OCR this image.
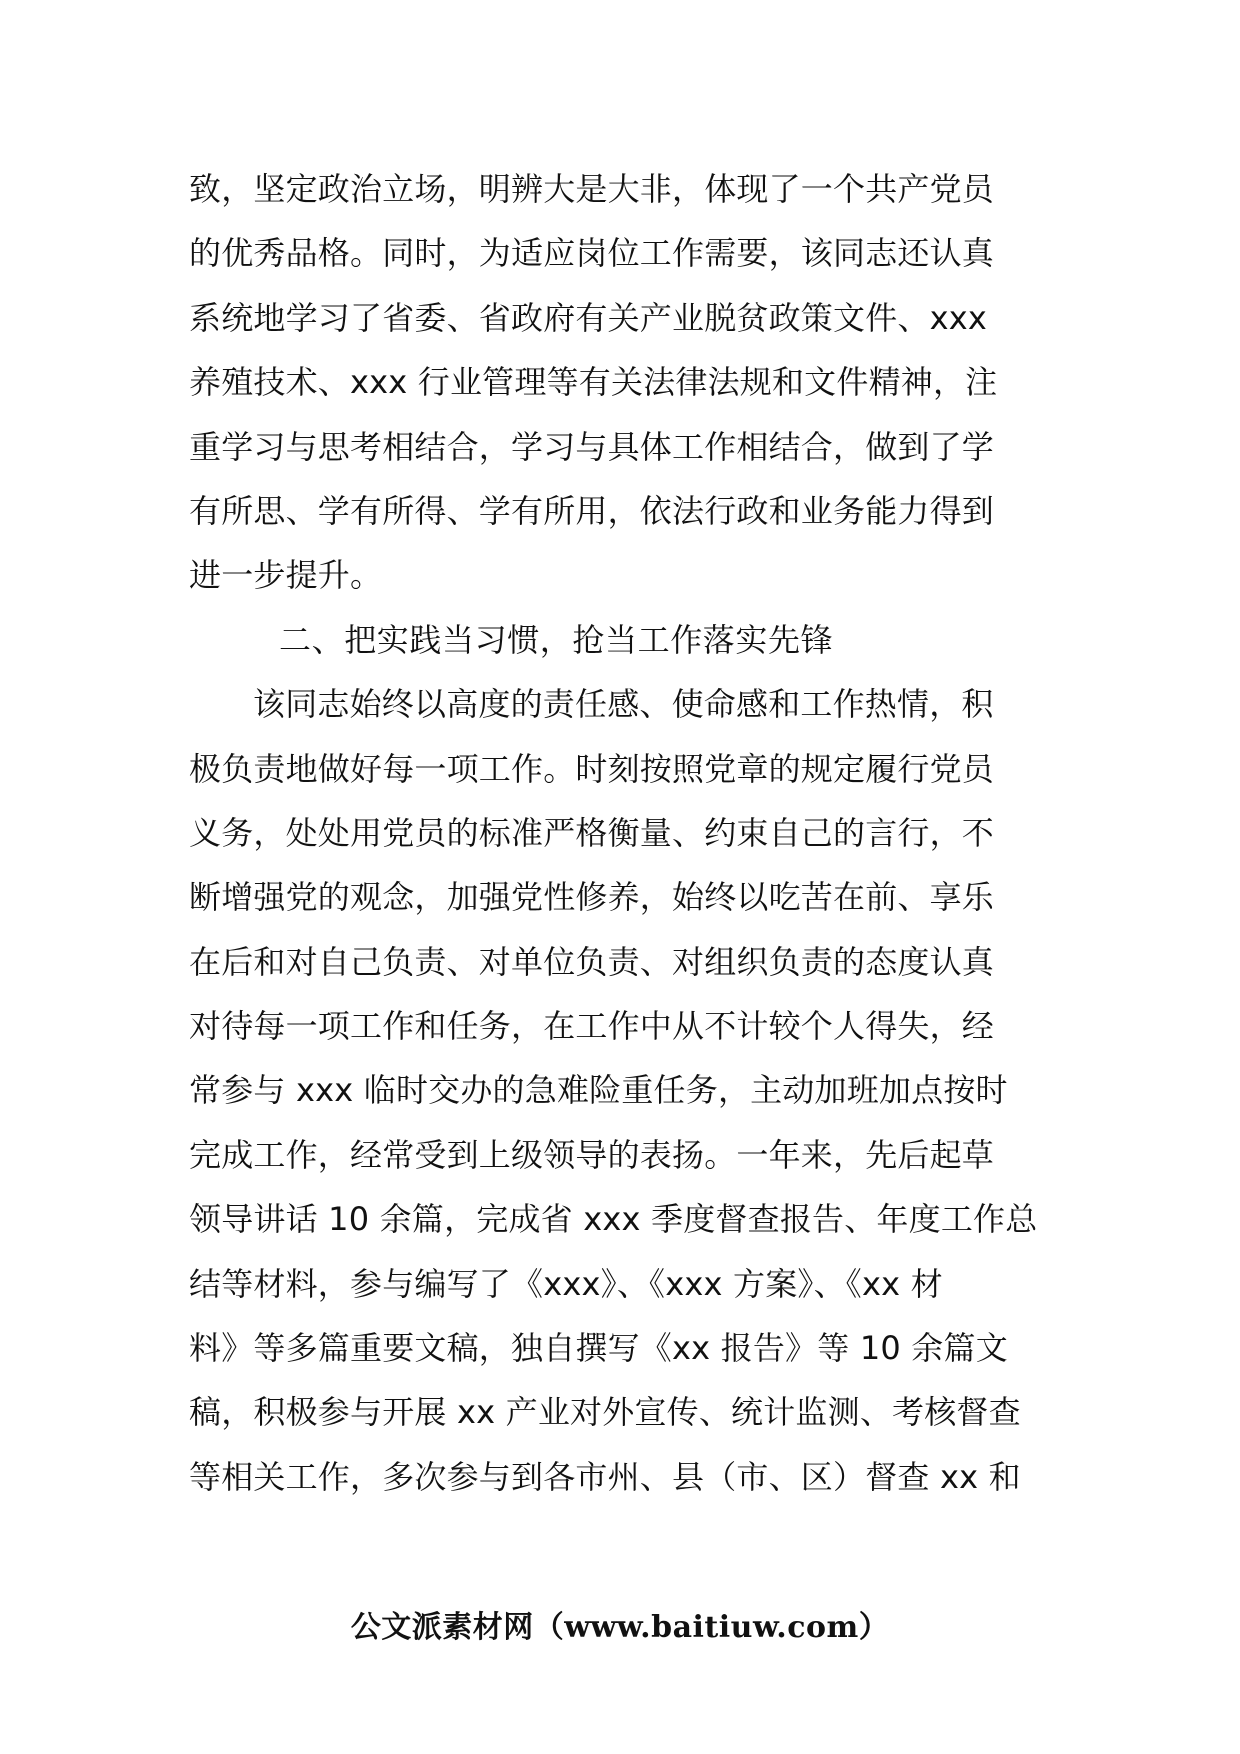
致，坚定政治立场，明辨大是大非，体现了一个共产党员
的优秀品格。同时，为适应岗位工作需要，该同志还认真
系统地学习了省委、省政府有关产业脱贫政策文件、xxx
养殖技术、xxx 行业管理等有关法律法规和文件精神，注
重学习与思考相结合，学习与具体工作相结合，做到了学
有所思、学有所得、学有所用，依法行政和业务能力得到
进一步提升。
二、把实践当习惯，抢当工作落实先锋
该同志始终以高度的责任感、使命感和工作热情，积
极负责地做好每一项工作。时刻按照党章的规定履行党员
义务，处处用党员的标准严格衡量、约束自己的言行，不
断增强党的观念，加强党性修养，始终以吃苦在前、享乐
在后和对自己负责、对单位负责、对组织负责的态度认真
对待每一项工作和任务，在工作中从不计较个人得失，经
常参与 xxx 临时交办的急难险重任务，主动加班加点按时
完成工作，经常受到上级领导的表扬。一年来，先后起草
领导讲话 10 余篇，完成省 xxx 季度督查报告、年度工作总
结等材料，参与编写了《xxx》、《xxx 方案》、《xx 材
料》等多篇重要文稿，独自撰写《xx 报告》等 10 余篇文
稿，积极参与开展 xx 产业对外宣传、统计监测、考核督查
等相关工作，多次参与到各市州、县（市、区）督查 xx 和
公文派素材网（www.baitiuw.com）
